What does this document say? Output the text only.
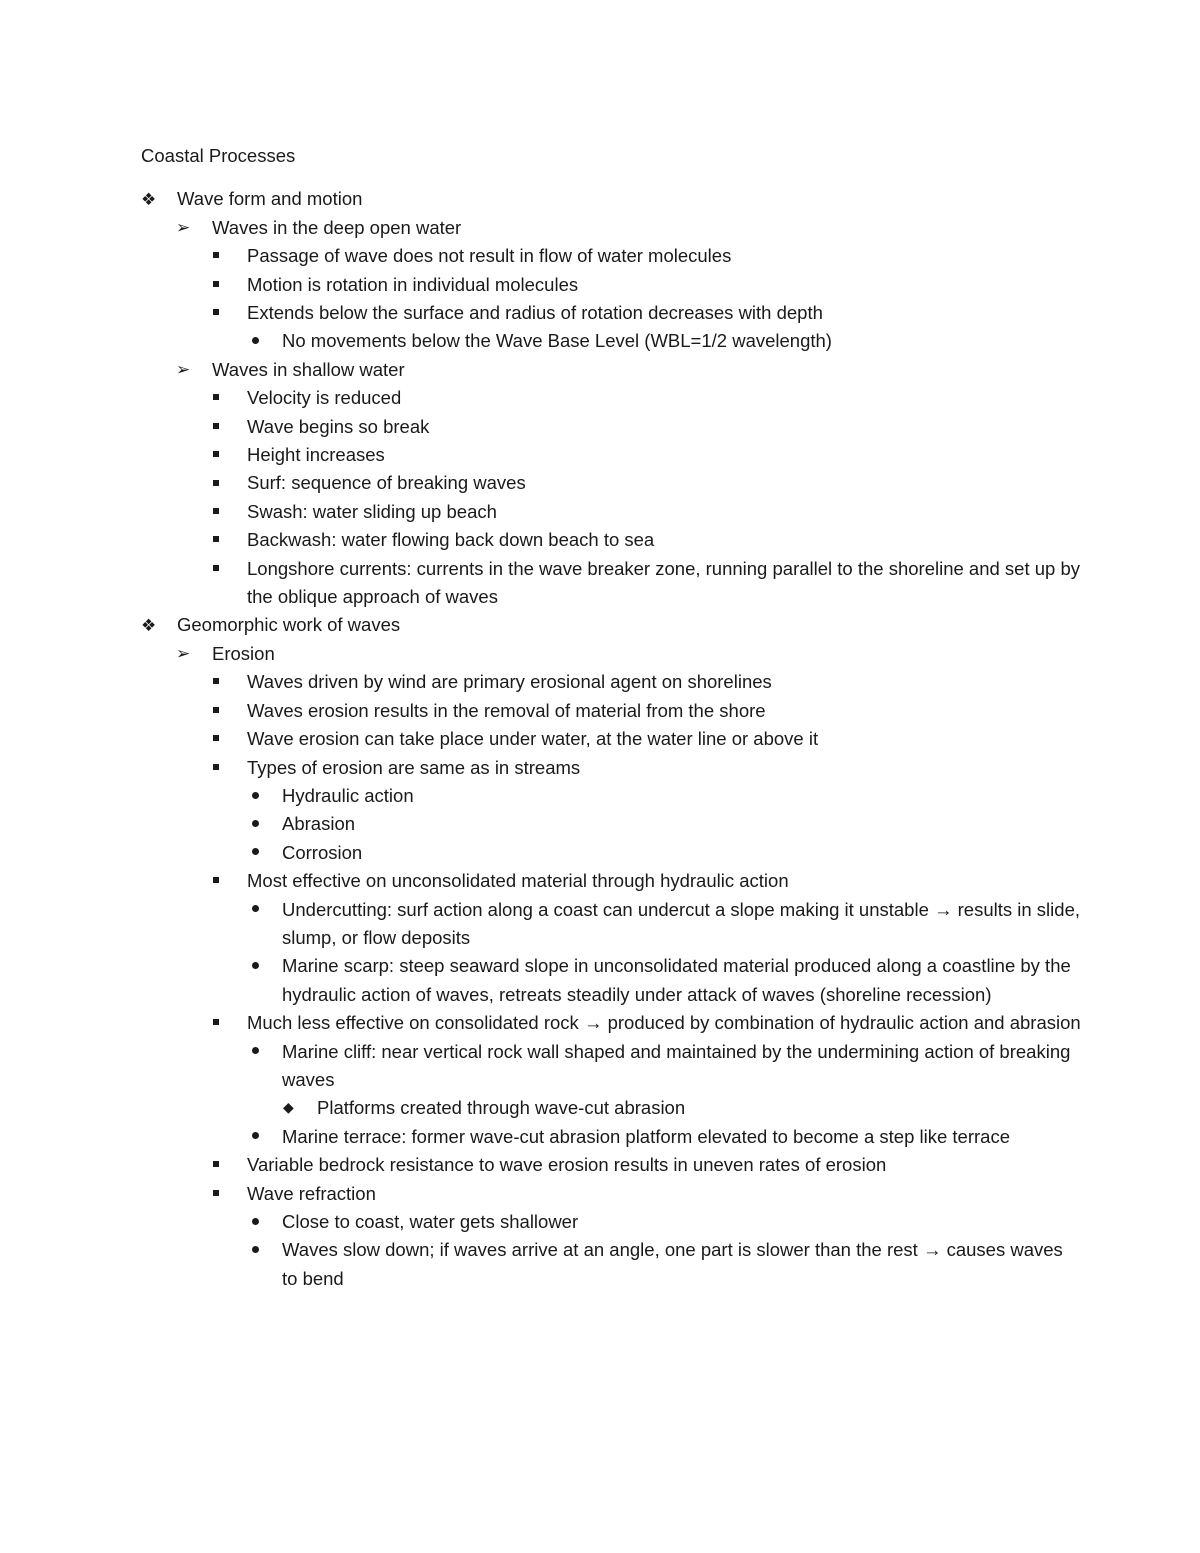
Coastal Processes
❖	Wave form and motion
➢	Waves in the deep open water
Passage of wave does not result in flow of water molecules
Motion is rotation in individual molecules
Extends below the surface and radius of rotation decreases with depth
No movements below the Wave Base Level (WBL=1/2 wavelength)
➢	Waves in shallow water
Velocity is reduced
Wave begins so break
Height increases
Surf: sequence of breaking waves
Swash: water sliding up beach
Backwash: water flowing back down beach to sea
Longshore currents: currents in the wave breaker zone, running parallel to the shoreline and set up by the oblique approach of waves
❖	Geomorphic work of waves
➢	Erosion
Waves driven by wind are primary erosional agent on shorelines
Waves erosion results in the removal of material from the shore
Wave erosion can take place under water, at the water line or above it
Types of erosion are same as in streams
Hydraulic action
Abrasion
Corrosion
Most effective on unconsolidated material through hydraulic action
Undercutting: surf action along a coast can undercut a slope making it unstable → results in slide, slump, or flow deposits
Marine scarp: steep seaward slope in unconsolidated material produced along a coastline by the hydraulic action of waves, retreats steadily under attack of waves (shoreline recession)
Much less effective on consolidated rock → produced by combination of hydraulic action and abrasion
Marine cliff: near vertical rock wall shaped and maintained by the undermining action of breaking waves
◆	Platforms created through wave-cut abrasion
Marine terrace: former wave-cut abrasion platform elevated to become a step like terrace
Variable bedrock resistance to wave erosion results in uneven rates of erosion
Wave refraction
Close to coast, water gets shallower
Waves slow down; if waves arrive at an angle, one part is slower than the rest → causes waves to bend
